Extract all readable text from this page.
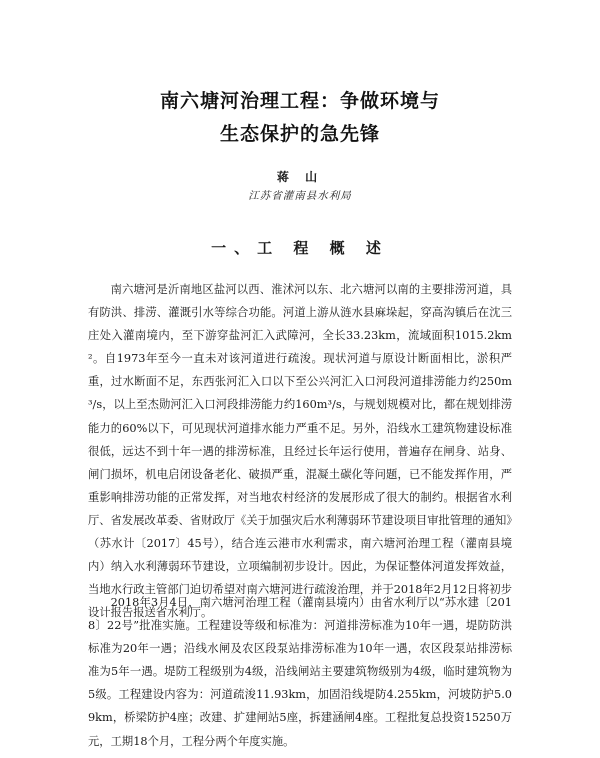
南六塘河治理工程：争做环境与
生态保护的急先锋
蒋 山
江苏省灌南县水利局
一、工 程 概 述

南六塘河是沂南地区盐河以西、淮沭河以东、北六塘河以南的主要排涝河道，具有防洪、排涝、灌溉引水等综合功能。河道上游从涟水县麻垛起，穿高沟镇后在沈三庄处入灌南境内，至下游穿盐河汇入武障河，全长33.23km，流域面积1015.2km²。自1973年至今一直未对该河道进行疏浚。现状河道与原设计断面相比，淤积严重，过水断面不足，东西张河汇入口以下至公兴河汇入口河段河道排涝能力约250m³/s，以上至杰勋河汇入口河段排涝能力约160m³/s，与规划规模对比，都在规划排涝能力的60%以下，可见现状河道排水能力严重不足。另外，沿线水工建筑物建设标准很低，远达不到十年一遇的排涝标准，且经过长年运行使用，普遍存在闸身、站身、闸门损坏，机电启闭设备老化、破损严重，混凝土碳化等问题，已不能发挥作用，严重影响排涝功能的正常发挥，对当地农村经济的发展形成了很大的制约。根据省水利厅、省发展改革委、省财政厅《关于加强灾后水利薄弱环节建设项目审批管理的通知》（苏水计〔2017〕45号），结合连云港市水利需求，南六塘河治理工程（灌南县境内）纳入水利薄弱环节建设，立项编制初步设计。因此，为保证整体河道发挥效益，当地水行政主管部门迫切希望对南六塘河进行疏浚治理，并于2018年2月12日将初步设计报告报送省水利厅。

2018年3月4日，南六塘河治理工程（灌南县境内）由省水利厅以“苏水建〔2018〕22号”批准实施。工程建设等级和标准为：河道排涝标准为10年一遇，堤防防洪标准为20年一遇；沿线水闸及农区段泵站排涝标准为10年一遇，农区段泵站排涝标准为5年一遇。堤防工程级别为4级，沿线闸站主要建筑物级别为4级，临时建筑物为5级。工程建设内容为：河道疏浚11.93km，加固沿线堤防4.255km，河坡防护5.09km，桥梁防护4座；改建、扩建闸站5座，拆建涵闸4座。工程批复总投资15250万元，工期18个月，工程分两个年度实施。
